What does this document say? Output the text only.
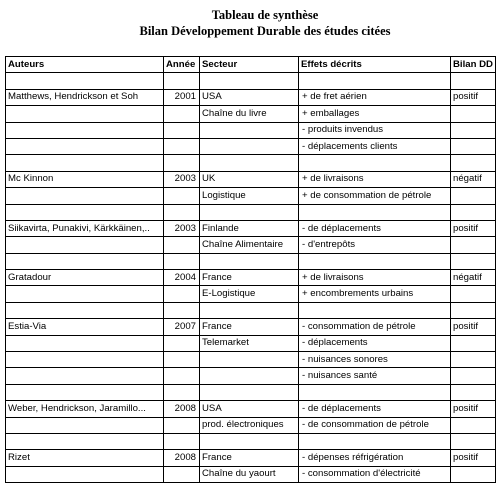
Tableau de synthèse
Bilan Développement Durable des études citées
Auteurs	Année	Secteur	Effets décrits	Bilan DD

Matthews, Hendrickson et Soh	2001	USA	+ de fret aérien	positif
		Chaîne du livre	+ emballages	
			- produits invendus	
			- déplacements clients	

Mc Kinnon	2003	UK	+ de livraisons	négatif
		Logistique	+ de consommation de pétrole	

Siikavirta, Punakivi, Kärkkäinen,..	2003	Finlande	- de déplacements	positif
		Chaîne Alimentaire	- d'entrepôts	

Gratadour	2004	France	+ de livraisons	négatif
		E-Logistique	+ encombrements urbains	

Estia-Via	2007	France	- consommation de pétrole	positif
		Telemarket	- déplacements	
			- nuisances sonores	
			- nuisances santé	

Weber, Hendrickson, Jaramillo...	2008	USA	- de déplacements	positif
		prod. électroniques	- de consommation de pétrole	

Rizet	2008	France	- dépenses réfrigération	positif
		Chaîne du yaourt	- consommation d'électricité	
